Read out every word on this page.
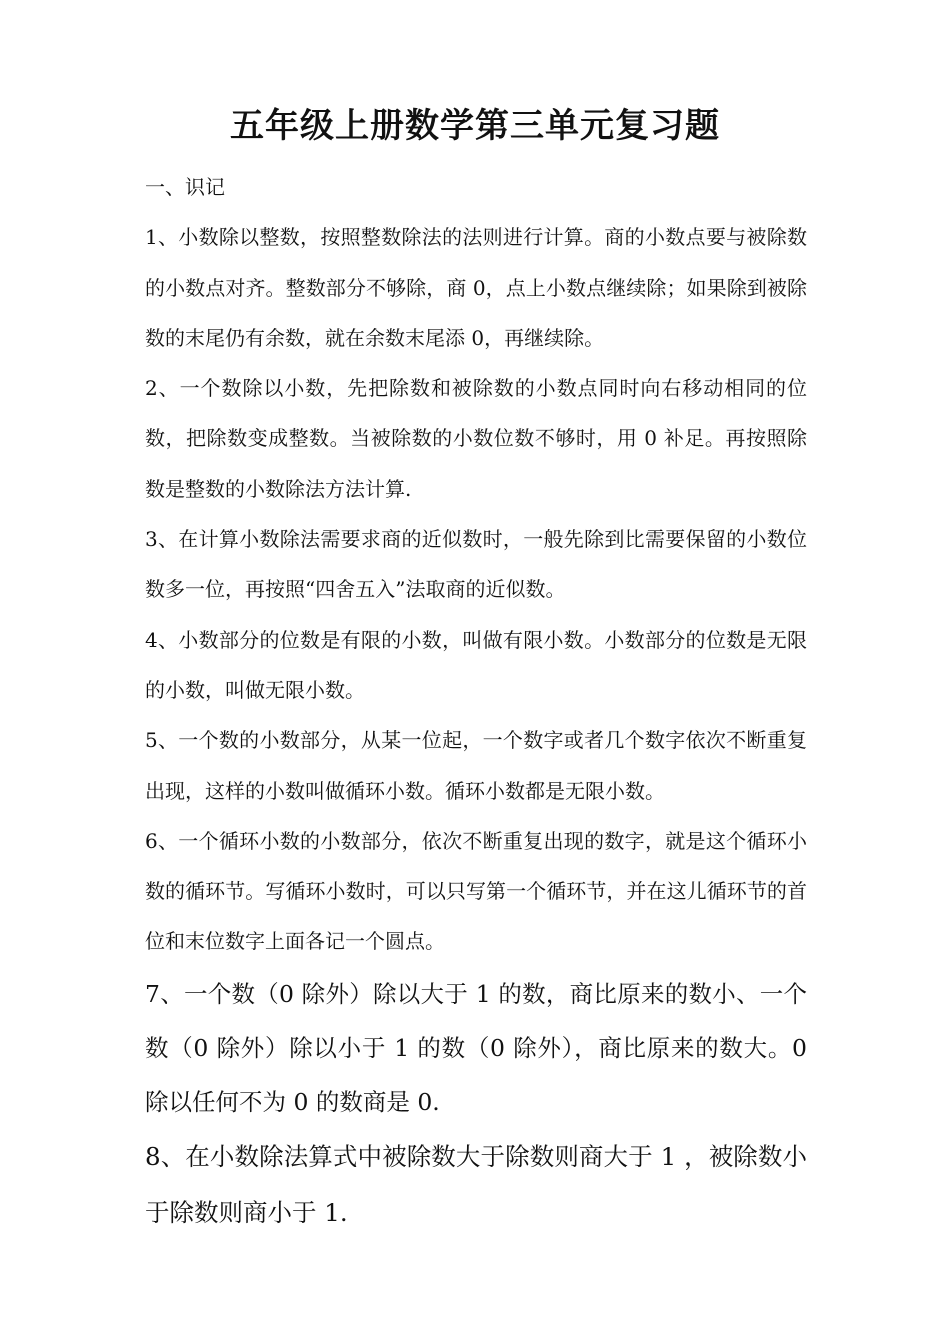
五年级上册数学第三单元复习题

一、识记

1、小数除以整数，按照整数除法的法则进行计算。商的小数点要与被除数的小数点对齐。整数部分不够除，商 0，点上小数点继续除；如果除到被除数的末尾仍有余数，就在余数末尾添 0，再继续除。

2、一个数除以小数，先把除数和被除数的小数点同时向右移动相同的位数，把除数变成整数。当被除数的小数位数不够时，用 0 补足。再按照除数是整数的小数除法方法计算.

3、在计算小数除法需要求商的近似数时，一般先除到比需要保留的小数位数多一位，再按照“四舍五入”法取商的近似数。

4、小数部分的位数是有限的小数，叫做有限小数。小数部分的位数是无限的小数，叫做无限小数。

5、一个数的小数部分，从某一位起，一个数字或者几个数字依次不断重复出现，这样的小数叫做循环小数。循环小数都是无限小数。

6、一个循环小数的小数部分，依次不断重复出现的数字，就是这个循环小数的循环节。写循环小数时，可以只写第一个循环节，并在这儿循环节的首位和末位数字上面各记一个圆点。

7、一个数（0 除外）除以大于 1 的数，商比原来的数小、一个数（0 除外）除以小于 1 的数（0 除外），商比原来的数大。0 除以任何不为 0 的数商是 0.

8、在小数除法算式中被除数大于除数则商大于 1 ，被除数小于除数则商小于 1.
